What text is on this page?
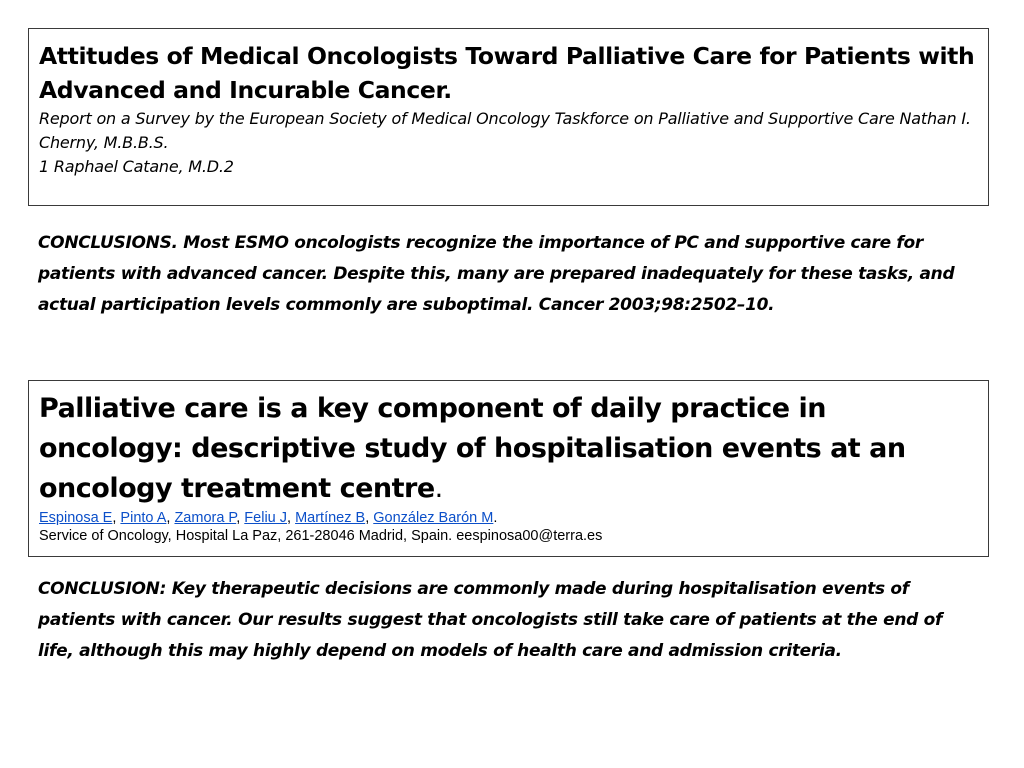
Attitudes of Medical Oncologists Toward Palliative Care for Patients with Advanced and Incurable Cancer.

Report on a Survey by the European Society of Medical Oncology Taskforce on Palliative and Supportive Care Nathan I. Cherny, M.B.B.S.

1 Raphael Catane, M.D.2

CONCLUSIONS. Most ESMO oncologists recognize the importance of PC and supportive care for patients with advanced cancer. Despite this, many are prepared inadequately for these tasks, and actual participation levels commonly are suboptimal. Cancer 2003;98:2502–10.

Palliative care is a key component of daily practice in oncology: descriptive study of hospitalisation events at an oncology treatment centre.

Espinosa E, Pinto A, Zamora P, Feliu J, Martínez B, González Barón M.

Service of Oncology, Hospital La Paz, 261-28046 Madrid, Spain. eespinosa00@terra.es

CONCLUSION: Key therapeutic decisions are commonly made during hospitalisation events of patients with cancer. Our results suggest that oncologists still take care of patients at the end of life, although this may highly depend on models of health care and admission criteria.
